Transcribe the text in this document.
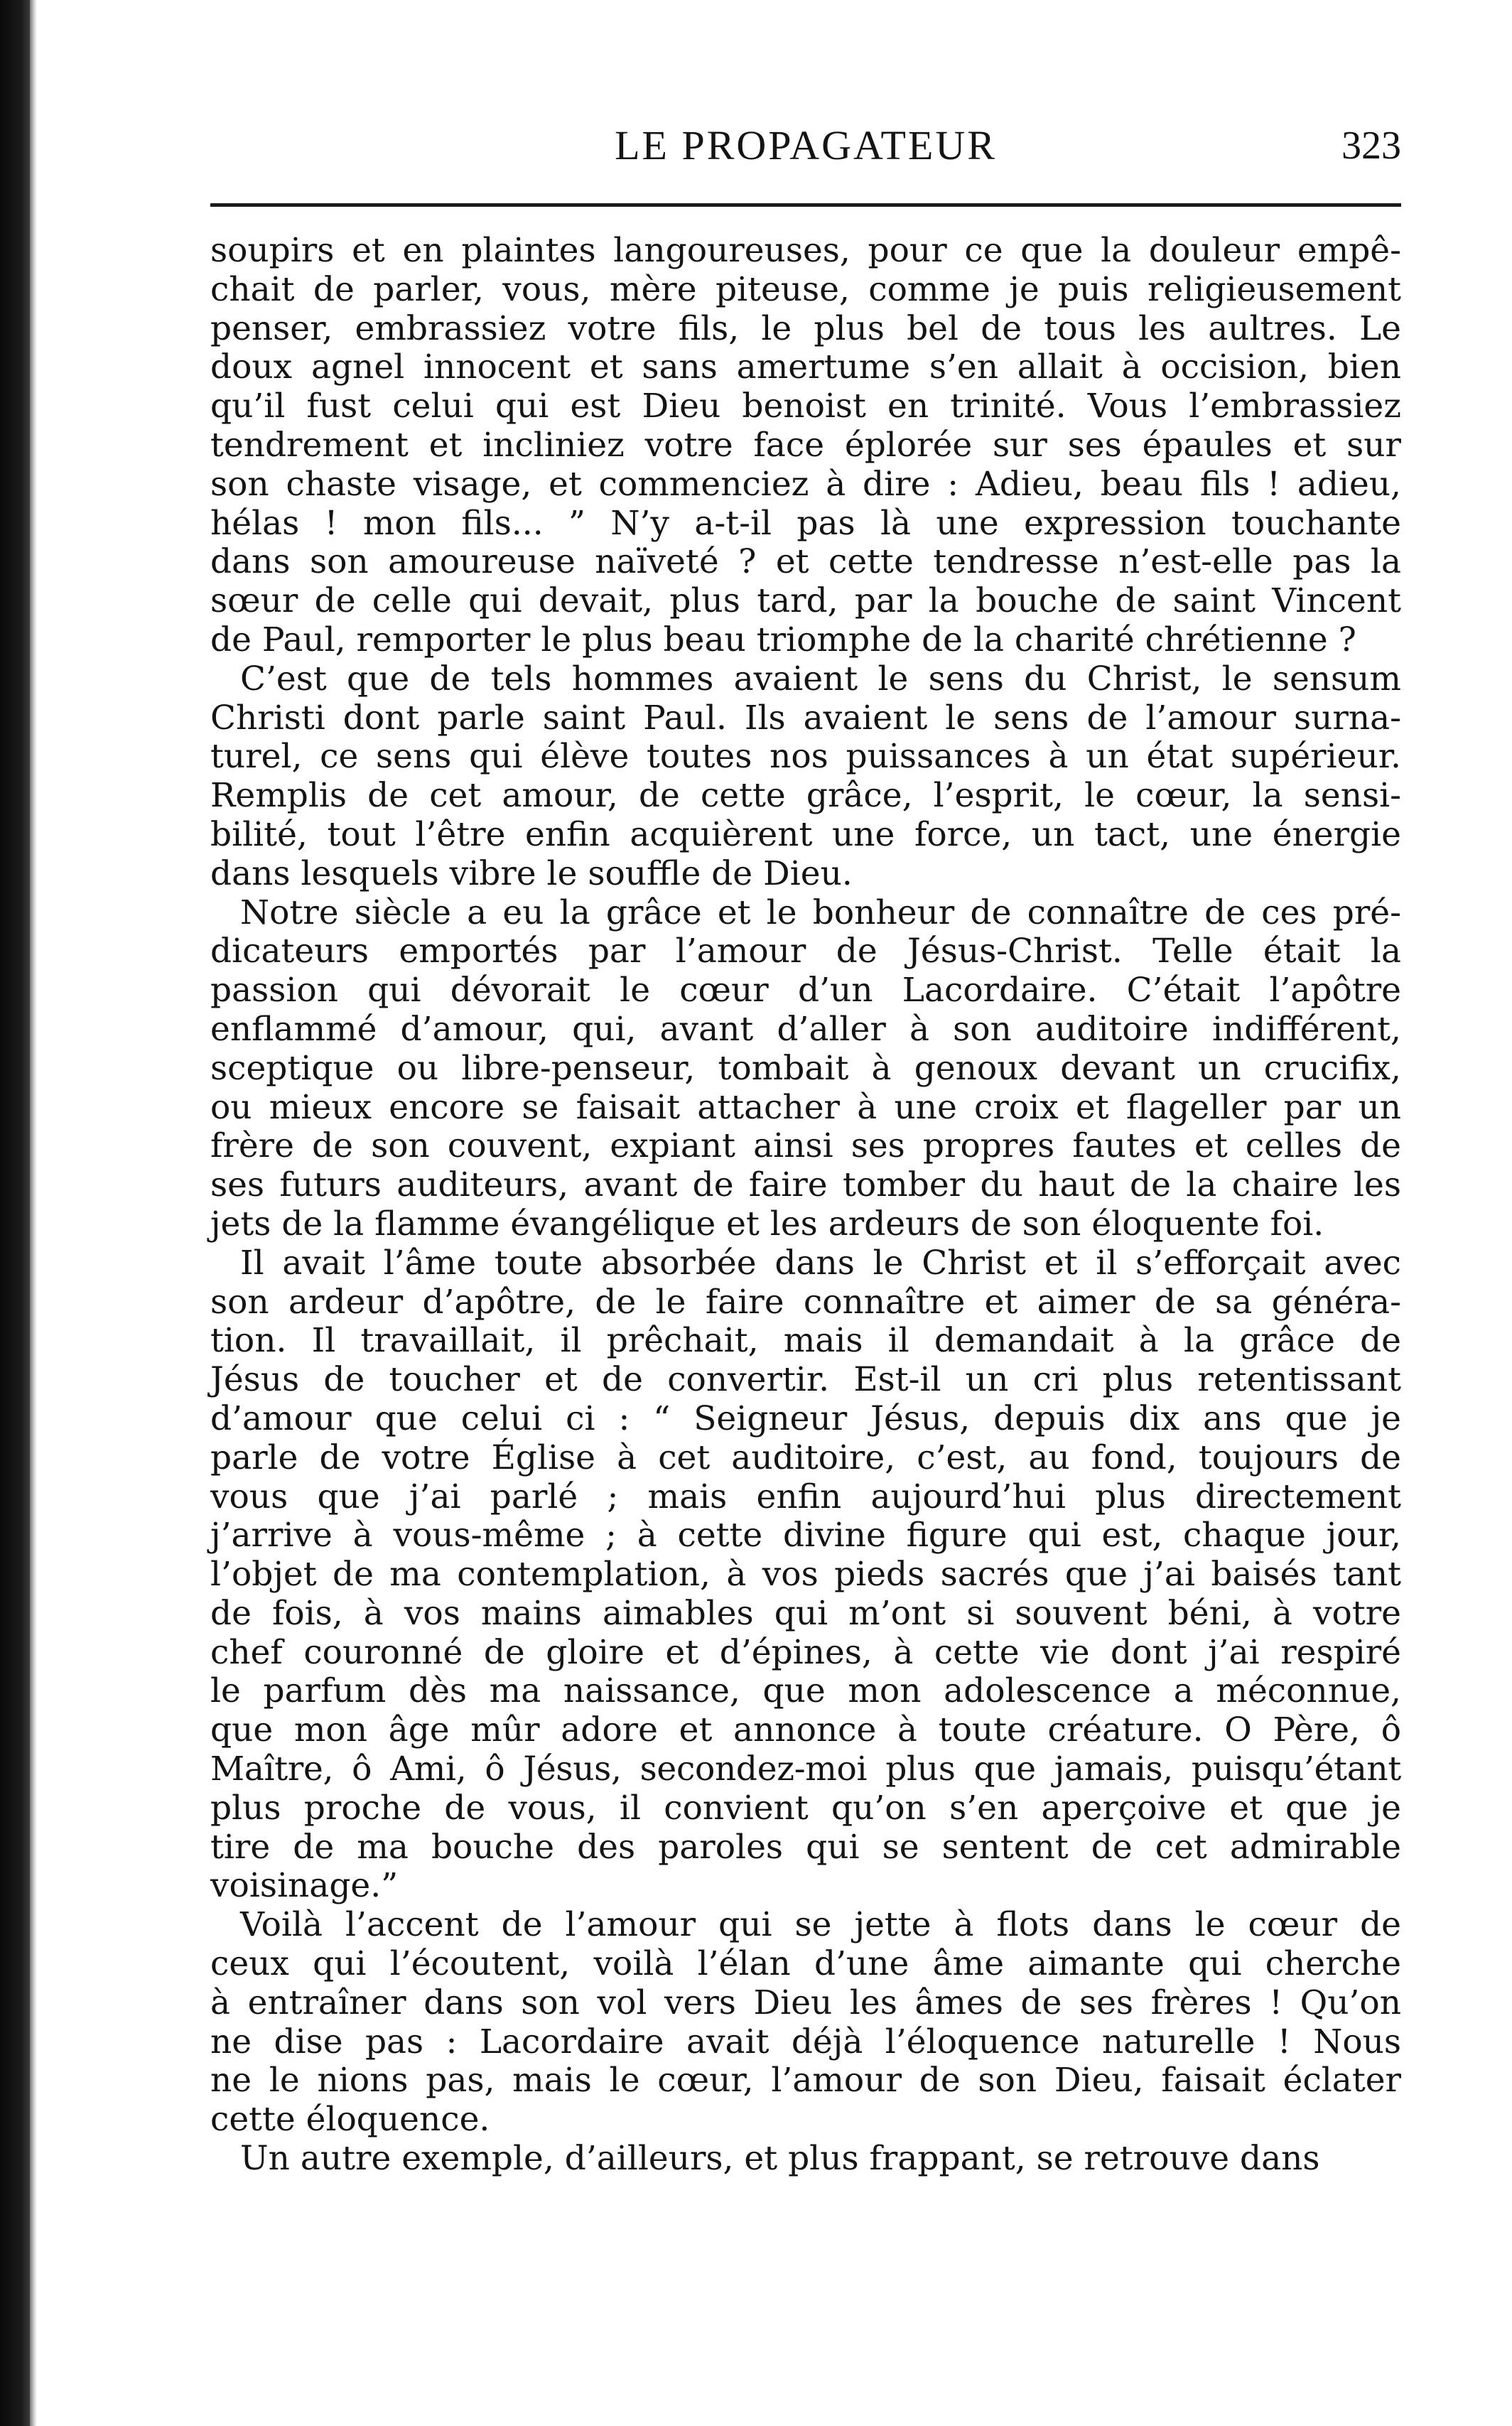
LE PROPAGATEUR	323
soupirs et en plaintes langoureuses, pour ce que la douleur empê-
chait de parler, vous, mère piteuse, comme je puis religieusement
penser, embrassiez votre fils, le plus bel de tous les aultres. Le
doux agnel innocent et sans amertume s’en allait à occision, bien
qu’il fust celui qui est Dieu benoist en trinité. Vous l’embrassiez
tendrement et incliniez votre face éplorée sur ses épaules et sur
son chaste visage, et commenciez à dire : Adieu, beau fils ! adieu,
hélas ! mon fils... ” N’y a-t-il pas là une expression touchante
dans son amoureuse naïveté ? et cette tendresse n’est-elle pas la
sœur de celle qui devait, plus tard, par la bouche de saint Vincent
de Paul, remporter le plus beau triomphe de la charité chrétienne ?
C’est que de tels hommes avaient le sens du Christ, le sensum
Christi dont parle saint Paul. Ils avaient le sens de l’amour surna-
turel, ce sens qui élève toutes nos puissances à un état supérieur.
Remplis de cet amour, de cette grâce, l’esprit, le cœur, la sensi-
bilité, tout l’être enfin acquièrent une force, un tact, une énergie
dans lesquels vibre le souffle de Dieu.
Notre siècle a eu la grâce et le bonheur de connaître de ces pré-
dicateurs emportés par l’amour de Jésus-Christ. Telle était la
passion qui dévorait le cœur d’un Lacordaire. C’était l’apôtre
enflammé d’amour, qui, avant d’aller à son auditoire indifférent,
sceptique ou libre-penseur, tombait à genoux devant un crucifix,
ou mieux encore se faisait attacher à une croix et flageller par un
frère de son couvent, expiant ainsi ses propres fautes et celles de
ses futurs auditeurs, avant de faire tomber du haut de la chaire les
jets de la flamme évangélique et les ardeurs de son éloquente foi.
Il avait l’âme toute absorbée dans le Christ et il s’efforçait avec
son ardeur d’apôtre, de le faire connaître et aimer de sa généra-
tion. Il travaillait, il prêchait, mais il demandait à la grâce de
Jésus de toucher et de convertir. Est-il un cri plus retentissant
d’amour que celui ci : “ Seigneur Jésus, depuis dix ans que je
parle de votre Église à cet auditoire, c’est, au fond, toujours de
vous que j’ai parlé ; mais enfin aujourd’hui plus directement
j’arrive à vous-même ; à cette divine figure qui est, chaque jour,
l’objet de ma contemplation, à vos pieds sacrés que j’ai baisés tant
de fois, à vos mains aimables qui m’ont si souvent béni, à votre
chef couronné de gloire et d’épines, à cette vie dont j’ai respiré
le parfum dès ma naissance, que mon adolescence a méconnue,
que mon âge mûr adore et annonce à toute créature. O Père, ô
Maître, ô Ami, ô Jésus, secondez-moi plus que jamais, puisqu’étant
plus proche de vous, il convient qu’on s’en aperçoive et que je
tire de ma bouche des paroles qui se sentent de cet admirable
voisinage.”
Voilà l’accent de l’amour qui se jette à flots dans le cœur de
ceux qui l’écoutent, voilà l’élan d’une âme aimante qui cherche
à entraîner dans son vol vers Dieu les âmes de ses frères ! Qu’on
ne dise pas : Lacordaire avait déjà l’éloquence naturelle ! Nous
ne le nions pas, mais le cœur, l’amour de son Dieu, faisait éclater
cette éloquence.
Un autre exemple, d’ailleurs, et plus frappant, se retrouve dans
